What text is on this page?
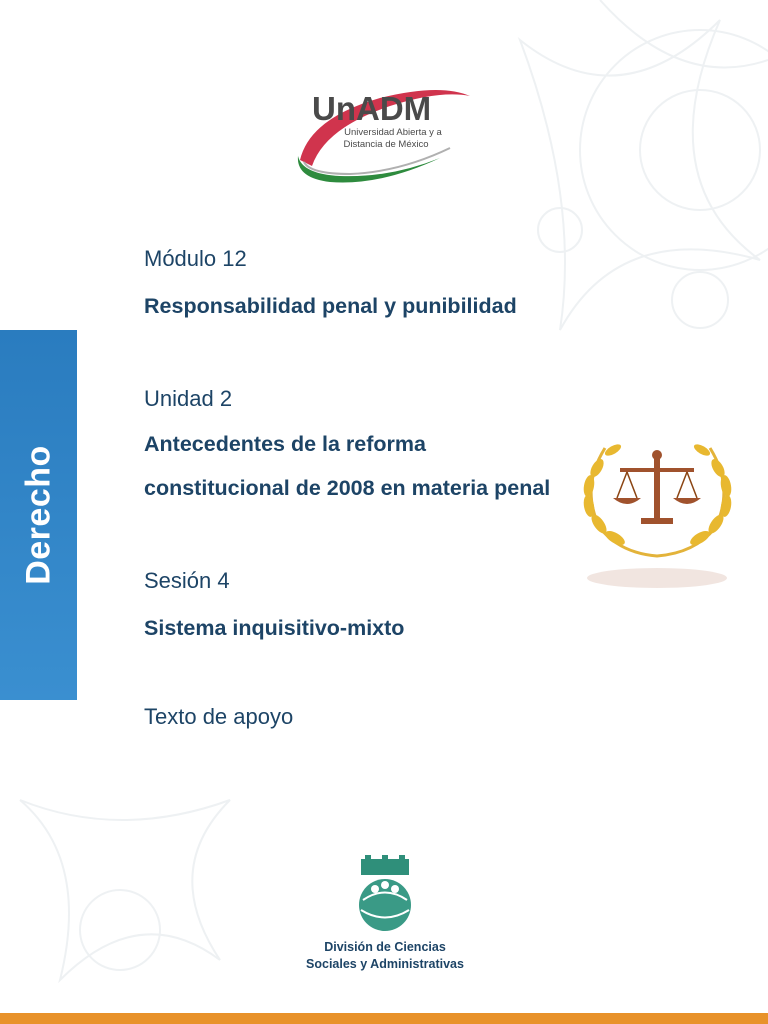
UnADM
Universidad Abierta y a
Distancia de México
Derecho
Módulo 12
Responsabilidad penal y punibilidad
Unidad 2
Antecedentes de la reforma
constitucional de 2008 en materia penal
Sesión 4
Sistema inquisitivo-mixto
Texto de apoyo
División de Ciencias
Sociales y Administrativas
